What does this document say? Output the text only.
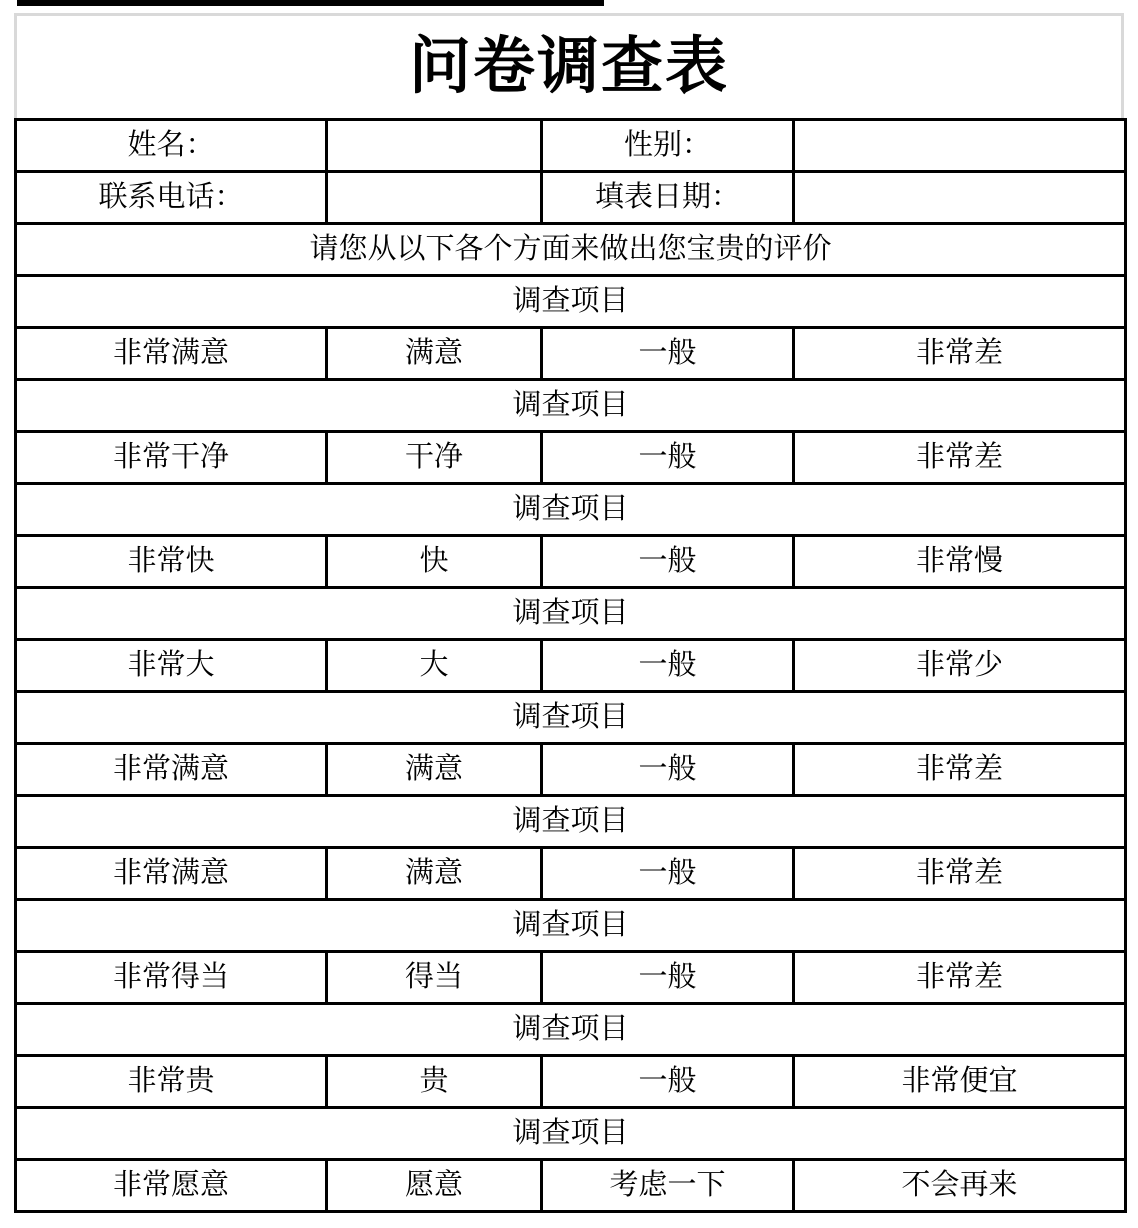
问卷调查表
姓名：		性别：	
联系电话：		填表日期：	
请您从以下各个方面来做出您宝贵的评价			
调查项目			
非常满意	满意	一般	非常差
调查项目			
非常干净	干净	一般	非常差
调查项目			
非常快	快	一般	非常慢
调查项目			
非常大	大	一般	非常少
调查项目			
非常满意	满意	一般	非常差
调查项目			
非常满意	满意	一般	非常差
调查项目			
非常得当	得当	一般	非常差
调查项目			
非常贵	贵	一般	非常便宜
调查项目			
非常愿意	愿意	考虑一下	不会再来
